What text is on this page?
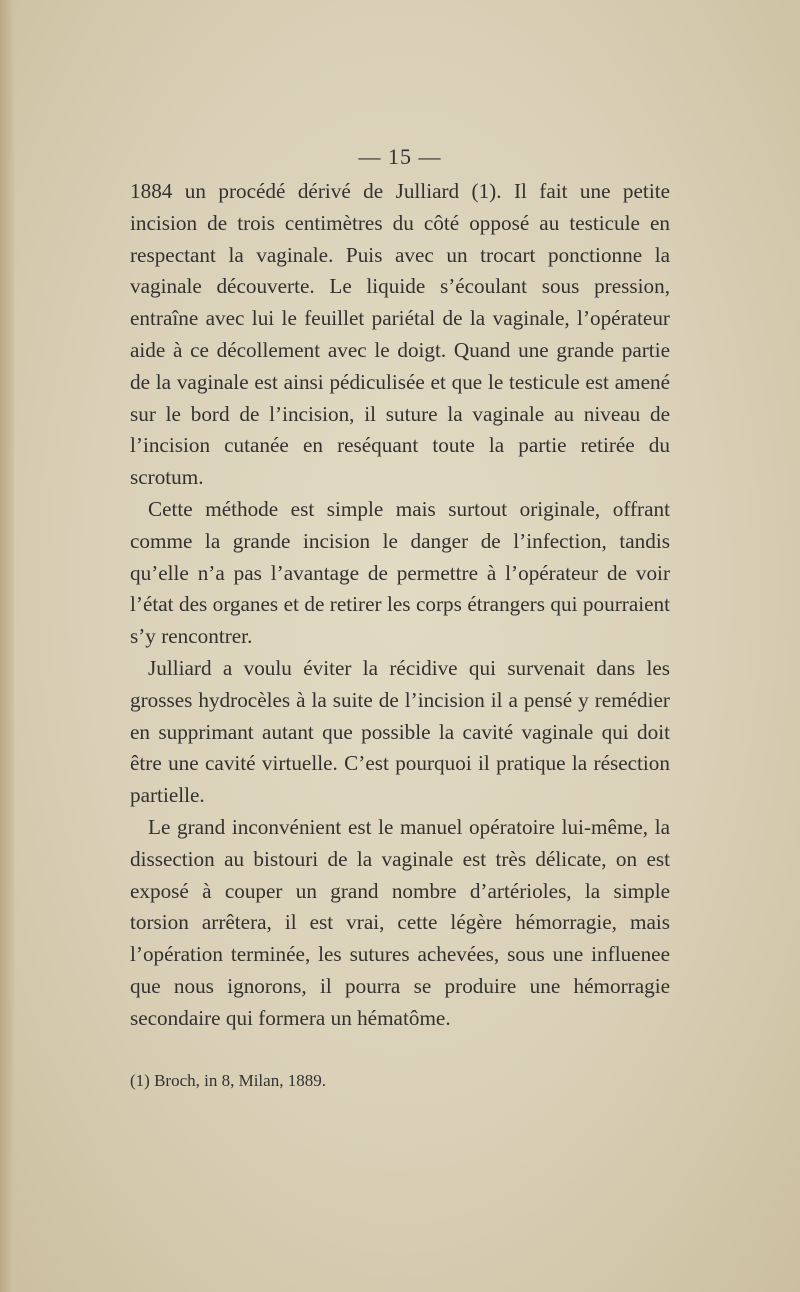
— 15 —

1884 un procédé dérivé de Julliard (1). Il fait une petite incision de trois centimètres du côté opposé au testicule en respectant la vaginale. Puis avec un trocart ponctionne la vaginale découverte. Le liquide s’écoulant sous pression, entraîne avec lui le feuillet pariétal de la vaginale, l’opérateur aide à ce décollement avec le doigt. Quand une grande partie de la vaginale est ainsi pédiculisée et que le testicule est amené sur le bord de l’incision, il suture la vaginale au niveau de l’incision cutanée en reséquant toute la partie retirée du scrotum.

Cette méthode est simple mais surtout originale, offrant comme la grande incision le danger de l’infection, tandis qu’elle n’a pas l’avantage de permettre à l’opérateur de voir l’état des organes et de retirer les corps étrangers qui pourraient s’y rencontrer.

Julliard a voulu éviter la récidive qui survenait dans les grosses hydrocèles à la suite de l’incision il a pensé y remédier en supprimant autant que possible la cavité vaginale qui doit être une cavité virtuelle. C’est pourquoi il pratique la résection partielle.

Le grand inconvénient est le manuel opératoire lui-même, la dissection au bistouri de la vaginale est très délicate, on est exposé à couper un grand nombre d’artérioles, la simple torsion arrêtera, il est vrai, cette légère hémorragie, mais l’opération terminée, les sutures achevées, sous une influenee que nous ignorons, il pourra se produire une hémorragie secondaire qui formera un hématôme.

(1) Broch, in 8, Milan, 1889.
